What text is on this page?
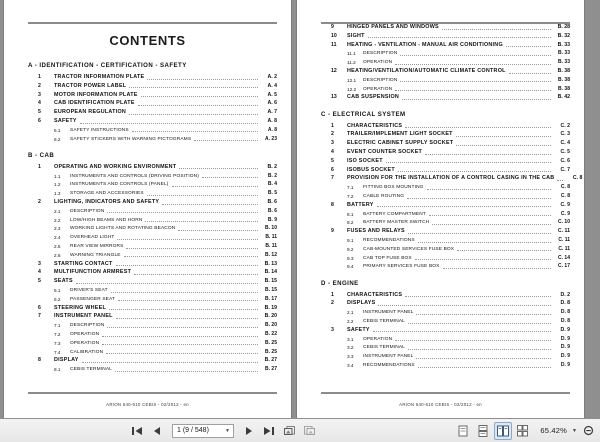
CONTENTS
A - IDENTIFICATION - CERTIFICATION - SAFETY
1	TRACTOR INFORMATION PLATE	A. 2
2	TRACTOR POWER LABEL	A. 4
3	MOTOR INFORMATION PLATE	A. 5
4	CAB IDENTIFICATION PLATE	A. 6
5	EUROPEAN REGULATION	A. 7
6	SAFETY	A. 8
6.1	SAFETY INSTRUCTIONS	A. 8
6.2	SAFETY STICKERS WITH WARNING PICTOGRAMS	A. 23
B - CAB
1	OPERATING AND WORKING ENVIRONMENT	B. 2
1.1	INSTRUMENTS AND CONTROLS (DRIVING POSITION)	B. 2
1.2	INSTRUMENTS AND CONTROLS (PANEL)	B. 4
1.3	STORAGE AND ACCESSORIES	B. 5
2	LIGHTING, INDICATORS AND SAFETY	B. 6
2.1	DESCRIPTION	B. 6
2.2	LOW/HIGH BEAMS AND HORN	B. 9
2.3	WORKING LIGHTS AND ROTATING BEACON	B. 10
2.4	OVERHEAD LIGHT	B. 11
2.5	REAR VIEW MIRRORS	B. 11
2.6	WARNING TRIANGLE	B. 12
3	STARTING CONTACT	B. 13
4	MULTIFUNCTION ARMREST	B. 14
5	SEATS	B. 15
5.1	DRIVER'S SEAT	B. 15
5.2	PASSENGER SEAT	B. 17
6	STEERING WHEEL	B. 19
7	INSTRUMENT PANEL	B. 20
7.1	DESCRIPTION	B. 20
7.2	OPERATION	B. 22
7.3	OPERATION	B. 25
7.4	CALIBRATION	B. 25
8	DISPLAY	B. 27
8.1	CEBIS TERMINAL	B. 27
ARION 640-610 CEBIS - 02/2012 - en
9	HINGED PANELS AND WINDOWS	B. 28
10	SIGHT	B. 32
11	HEATING - VENTILATION - MANUAL AIR CONDITIONING	B. 33
11.1	DESCRIPTION	B. 33
11.2	OPERATION	B. 33
12	HEATING/VENTILATION/AUTOMATIC CLIMATE CONTROL	B. 38
12.1	DESCRIPTION	B. 38
12.2	OPERATION	B. 38
13	CAB SUSPENSION	B. 42
C - ELECTRICAL SYSTEM
1	CHARACTERISTICS	C. 2
2	TRAILER/IMPLEMENT LIGHT SOCKET	C. 3
3	ELECTRIC CABINET SUPPLY SOCKET	C. 4
4	EVENT COUNTER SOCKET	C. 5
5	ISO SOCKET	C. 6
6	ISOBUS SOCKET	C. 7
7	PROVISION FOR THE INSTALLATION OF A CONTROL CASING IN THE CAB	C. 8
7.1	FITTING BOX MOUNTING	C. 8
7.2	CABLE ROUTING	C. 8
8	BATTERY	C. 9
8.1	BATTERY COMPARTMENT	C. 9
8.2	BATTERY MASTER SWITCH	C. 10
9	FUSES AND RELAYS	C. 11
9.1	RECOMMENDATIONS	C. 11
9.2	CAB-MOUNTED SERVICES FUSE BOX	C. 11
9.3	CAB TOP FUSE BOX	C. 14
9.4	PRIMARY SERVICES FUSE BOX	C. 17
D - ENGINE
1	CHARACTERISTICS	D. 2
2	DISPLAYS	D. 8
2.1	INSTRUMENT PANEL	D. 8
2.2	CEBIS TERMINAL	D. 8
3	SAFETY	D. 9
3.1	OPERATION	D. 9
3.2	CEBIS TERMINAL	D. 9
3.3	INSTRUMENT PANEL	D. 9
3.4	RECOMMENDATIONS	D. 9
ARION 640-610 CEBIS - 02/2012 - en
1 (9 / 548)	▼	65.42% ▼
